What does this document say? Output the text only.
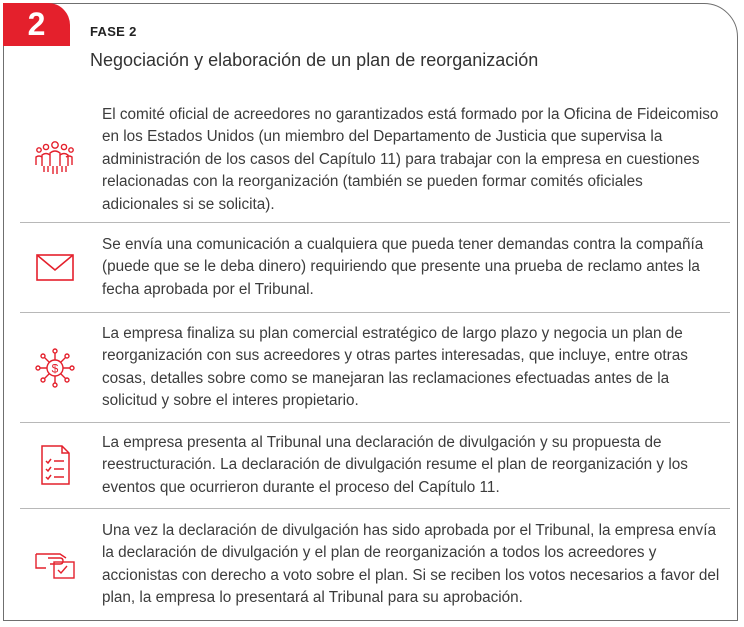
2	FASE 2
Negociación y elaboración de un plan de reorganización
El comité oficial de acreedores no garantizados está formado por la Oficina de Fideicomiso en los Estados Unidos (un miembro del Departamento de Justicia que supervisa la administración de los casos del Capítulo 11) para trabajar con la empresa en cuestiones relacionadas con la reorganización (también se pueden formar comités oficiales adicionales si se solicita).
Se envía una comunicación a cualquiera que pueda tener demandas contra la compañía (puede que se le deba dinero) requiriendo que presente una prueba de reclamo antes la fecha aprobada por el Tribunal.
$
La empresa finaliza su plan comercial estratégico de largo plazo y negocia un plan de reorganización con sus acreedores y otras partes interesadas, que incluye, entre otras cosas, detalles sobre como se manejaran las reclamaciones efectuadas antes de la solicitud y sobre el interes propietario.
La empresa presenta al Tribunal una declaración de divulgación y su propuesta de reestructuración. La declaración de divulgación resume el plan de reorganización y los eventos que ocurrieron durante el proceso del Capítulo 11.
Una vez la declaración de divulgación has sido aprobada por el Tribunal, la empresa envía la declaración de divulgación y el plan de reorganización a todos los acreedores y accionistas con derecho a voto sobre el plan. Si se reciben los votos necesarios a favor del plan, la empresa lo presentará al Tribunal para su aprobación.
